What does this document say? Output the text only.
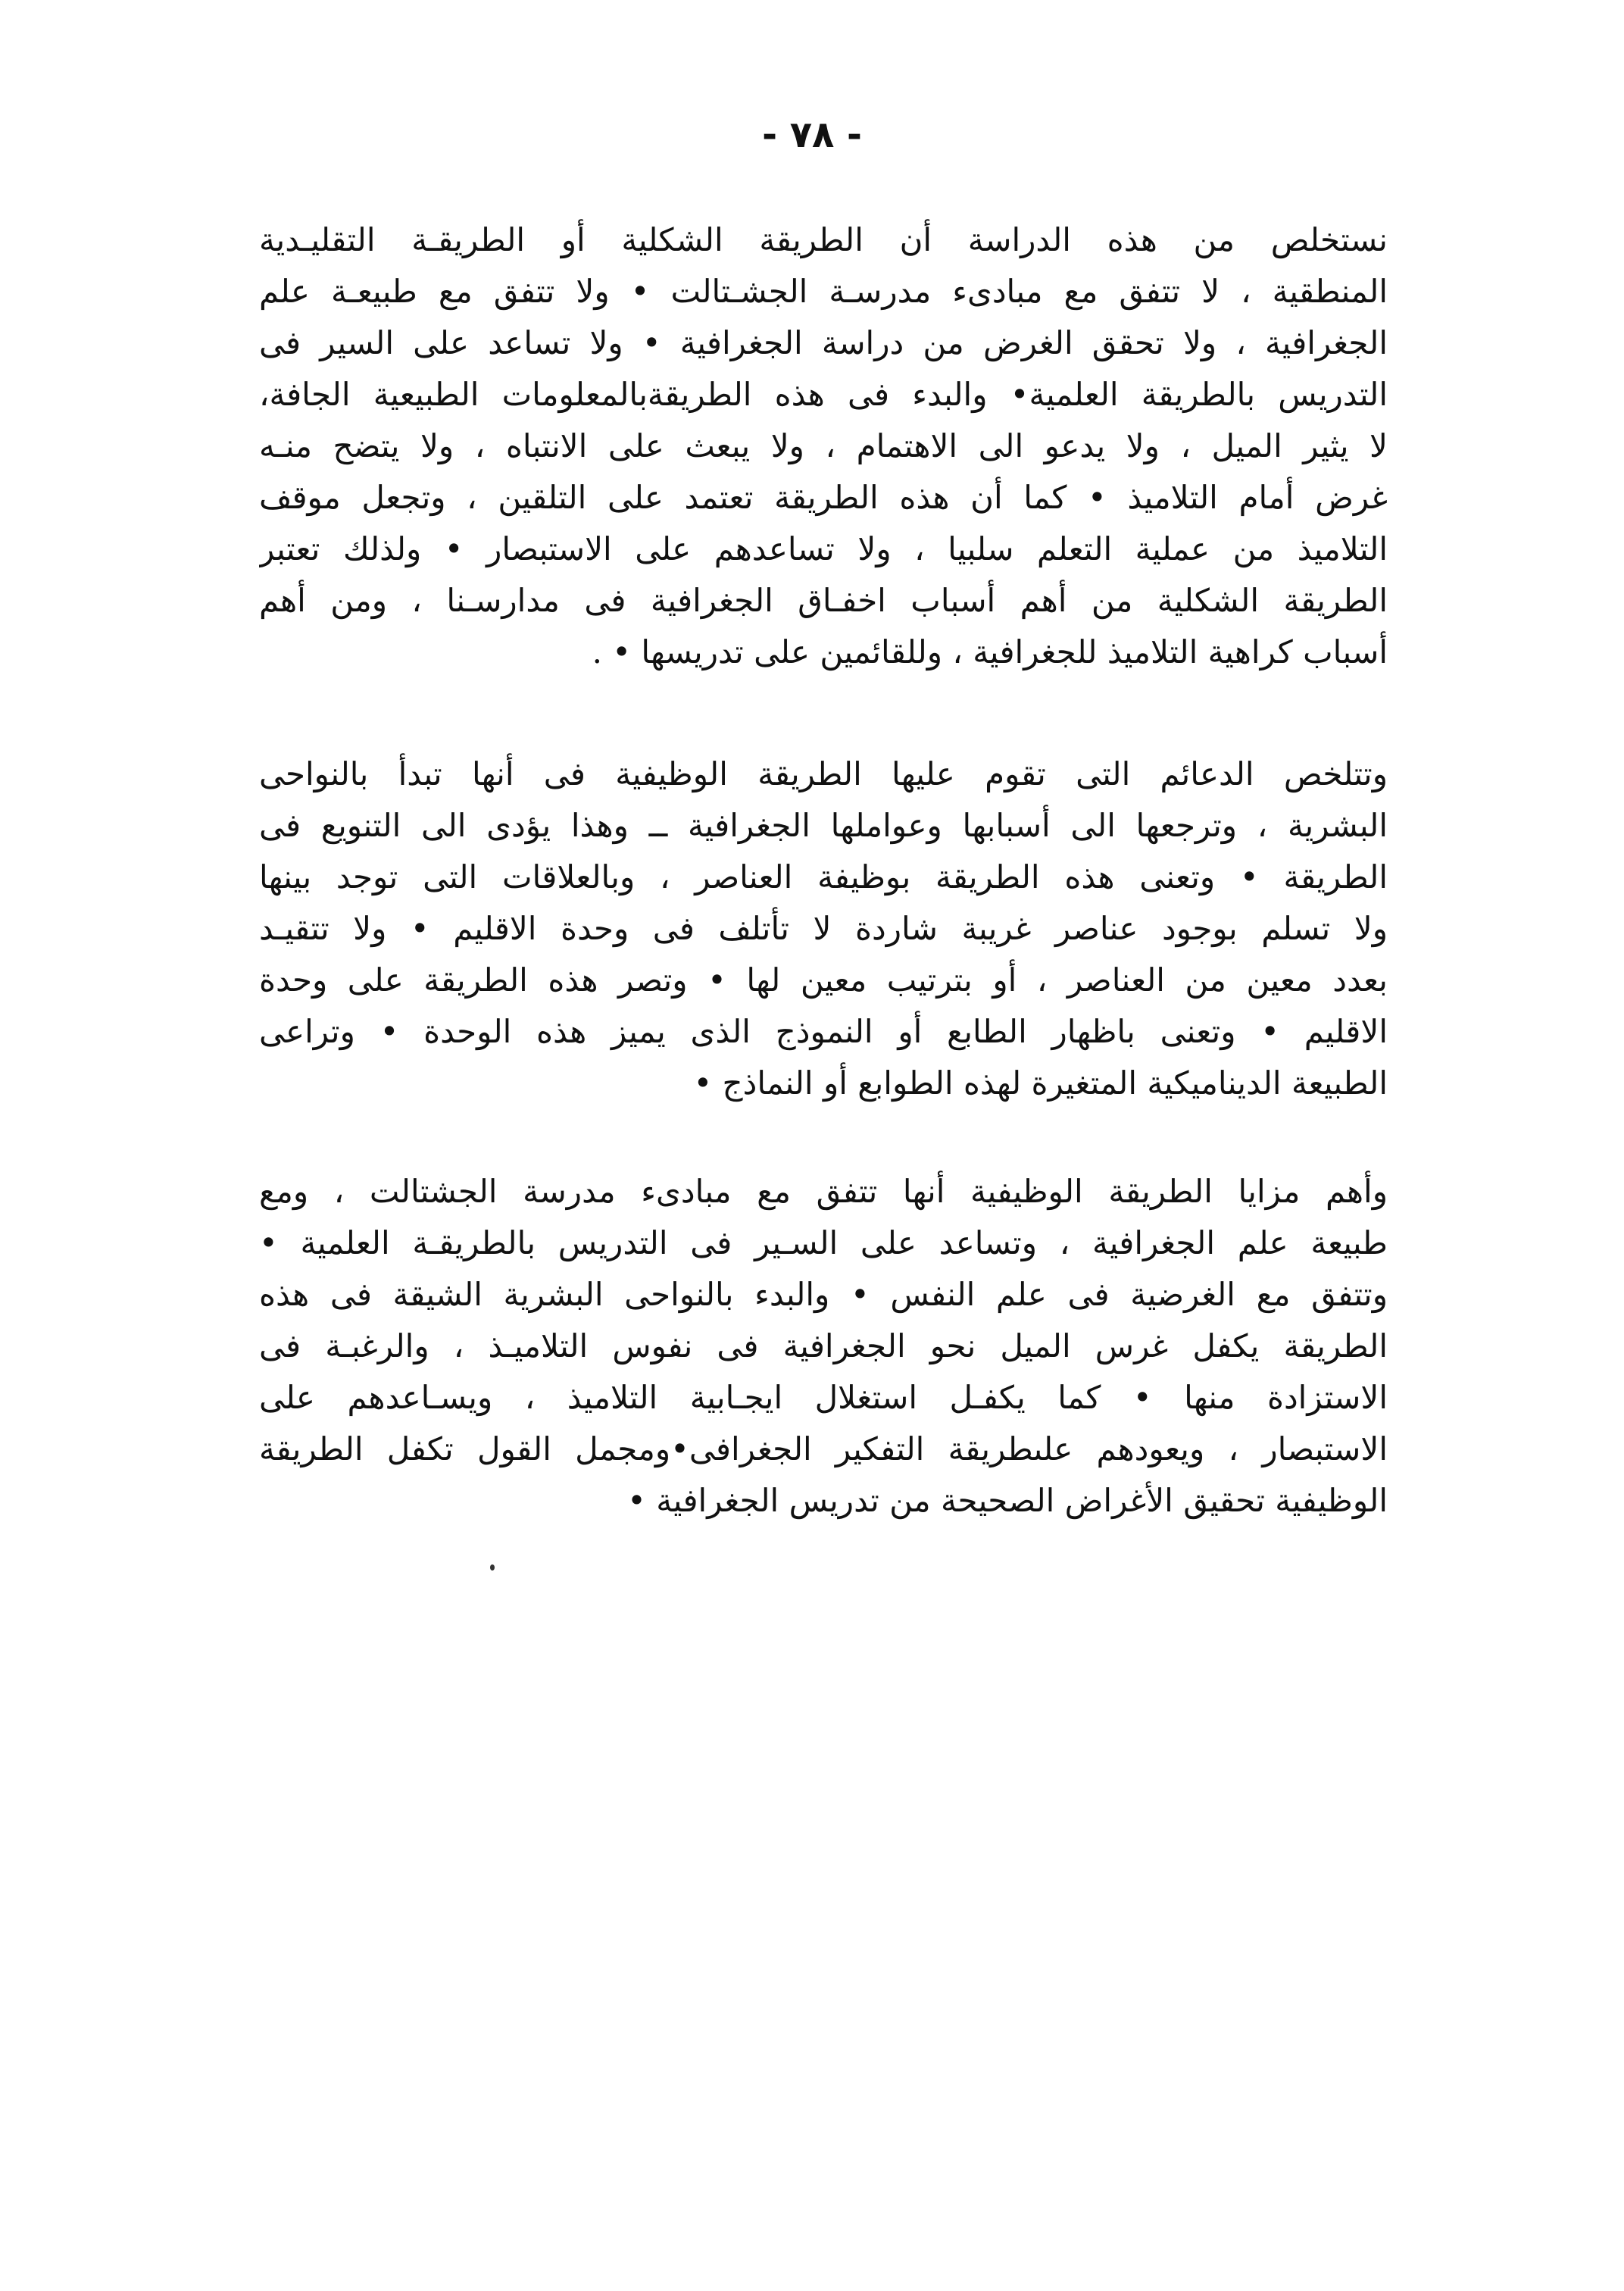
- ٧٨ -
نستخلص من هذه الدراسة أن الطريقة الشكلية أو الطريقـة التقليـدية
المنطقية ، لا تتفق مع مبادىء مدرسـة الجشـتالت • ولا تتفق مع طبيعـة علم
الجغرافية ، ولا تحقق الغرض من دراسة الجغرافية • ولا تساعد على السير فى
التدريس بالطريقة العلمية• والبدء فى هذه الطريقةبالمعلومات الطبيعية الجافة،
لا يثير الميل ، ولا يدعو الى الاهتمام ، ولا يبعث على الانتباه ، ولا يتضح منـه
غرض أمام التلاميذ • كما أن هذه الطريقة تعتمد على التلقين ، وتجعل موقف
التلاميذ من عملية التعلم سلبيا ، ولا تساعدهم على الاستبصار • ولذلك تعتبر
الطريقة الشكلية من أهم أسباب اخفـاق الجغرافية فى مدارسـنا ، ومن أهم
أسباب كراهية التلاميذ للجغرافية ، وللقائمين على تدريسها • .
وتتلخص الدعائم التى تقوم عليها الطريقة الوظيفية فى أنها تبدأ بالنواحى
البشرية ، وترجعها الى أسبابها وعواملها الجغرافية ــ وهذا يؤدى الى التنويع فى
الطريقة • وتعنى هذه الطريقة بوظيفة العناصر ، وبالعلاقات التى توجد بينها
ولا تسلم بوجود عناصر غريبة شاردة لا تأتلف فى وحدة الاقليم • ولا تتقيـد
بعدد معين من العناصر ، أو بترتيب معين لها • وتصر هذه الطريقة على وحدة
الاقليم • وتعنى باظهار الطابع أو النموذج الذى يميز هذه الوحدة • وتراعى
الطبيعة الديناميكية المتغيرة لهذه الطوابع أو النماذج •
وأهم مزايا الطريقة الوظيفية أنها تتفق مع مبادىء مدرسة الجشتالت ، ومع
طبيعة علم الجغرافية ، وتساعد على السـير فى التدريس بالطريقـة العلمية •
وتتفق مع الغرضية فى علم النفس • والبدء بالنواحى البشرية الشيقة فى هذه
الطريقة يكفل غرس الميل نحو الجغرافية فى نفوس التلاميـذ ، والرغبـة فى
الاستزادة منها • كما يكفـل استغلال ايجـابية التلاميذ ، ويسـاعدهم على
الاستبصار ، ويعودهم علىطريقة التفكير الجغرافى•ومجمل القول تكفل الطريقة
الوظيفية تحقيق الأغراض الصحيحة من تدريس الجغرافية •
